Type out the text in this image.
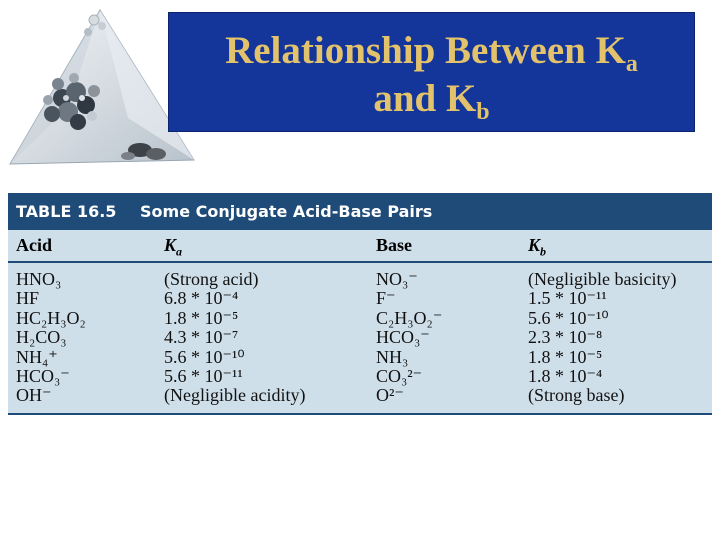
Relationship Between $K_a$
and $K_b$
TABLE 16.5	Some Conjugate Acid-Base Pairs
Acid	$K_a$	Base	$K_b$
HNO₃	(Strong acid)	NO₃⁻	(Negligible basicity)
HF	6.8 * 10⁻⁴	F⁻	1.5 * 10⁻¹¹
HC₂H₃O₂	1.8 * 10⁻⁵	C₂H₃O₂⁻	5.6 * 10⁻¹⁰
H₂CO₃	4.3 * 10⁻⁷	HCO₃⁻	2.3 * 10⁻⁸
NH₄⁺	5.6 * 10⁻¹⁰	NH₃	1.8 * 10⁻⁵
HCO₃⁻	5.6 * 10⁻¹¹	CO₃²⁻	1.8 * 10⁻⁴
OH⁻	(Negligible acidity)	O²⁻	(Strong base)
